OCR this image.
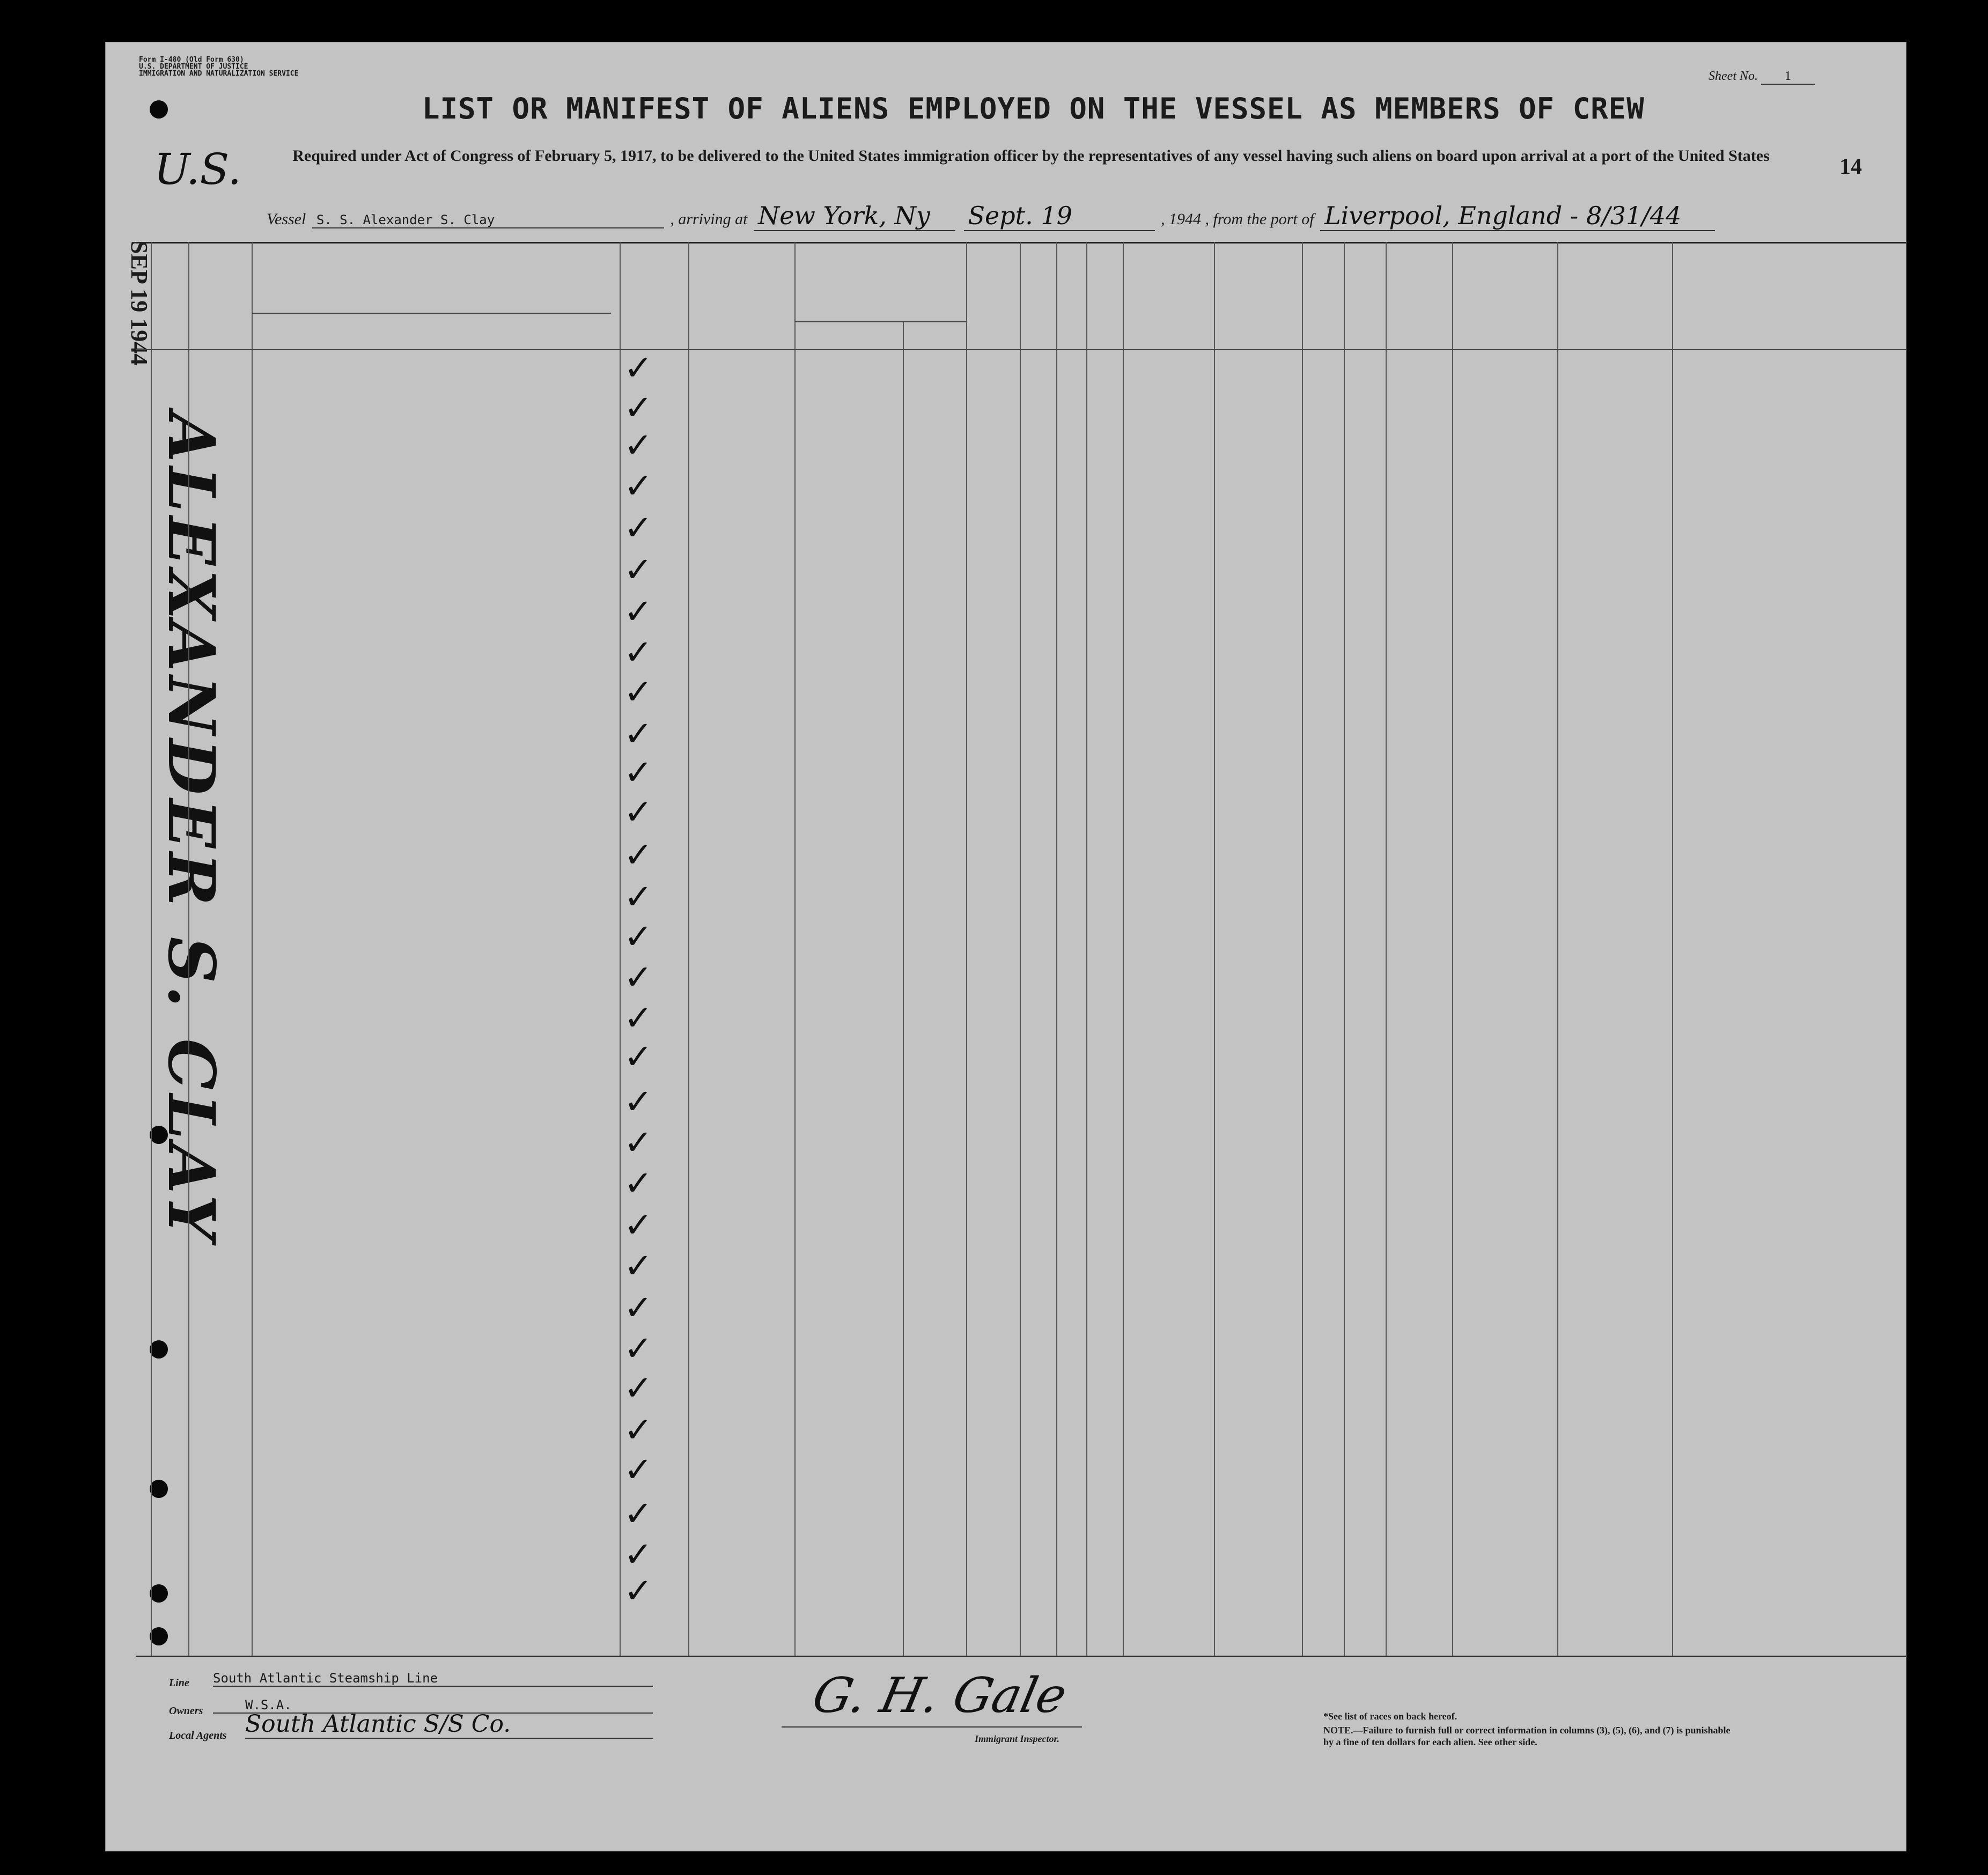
Form I-480 (Old Form 630)
U.S. DEPARTMENT OF JUSTICE
IMMIGRATION AND NATURALIZATION SERVICE	Sheet No. 1
LIST OR MANIFEST OF ALIENS EMPLOYED ON THE VESSEL AS MEMBERS OF CREW
Required under Act of Congress of February 5, 1917, to be delivered to the United States immigration officer by the representatives of any vessel having such aliens on board upon arrival at a port of the United States	14
U.S.
Vessel S. S. Alexander S. Clay	, arriving at New York, Ny Sept. 19	, 1944 , from the port of Liverpool, England - 8/31/44
SEP 19 1944
ALEXANDER S. CLAY
✓
✓
✓
✓
✓
✓
✓
✓
✓
✓
✓
✓
✓
✓
✓
✓
✓
✓
✓
✓
✓
✓
✓
✓
✓
✓
✓
✓
✓
✓
✓
Line South Atlantic Steamship Line
Owners	W.S.A.
Local Agents South Atlantic S/S Co.
G. H. Gale
Immigrant Inspector.
*See list of races on back hereof.
NOTE.—Failure to furnish full or correct information in columns (3), (5), (6), and (7) is punishable by a fine of ten dollars for each alien. See other side.
